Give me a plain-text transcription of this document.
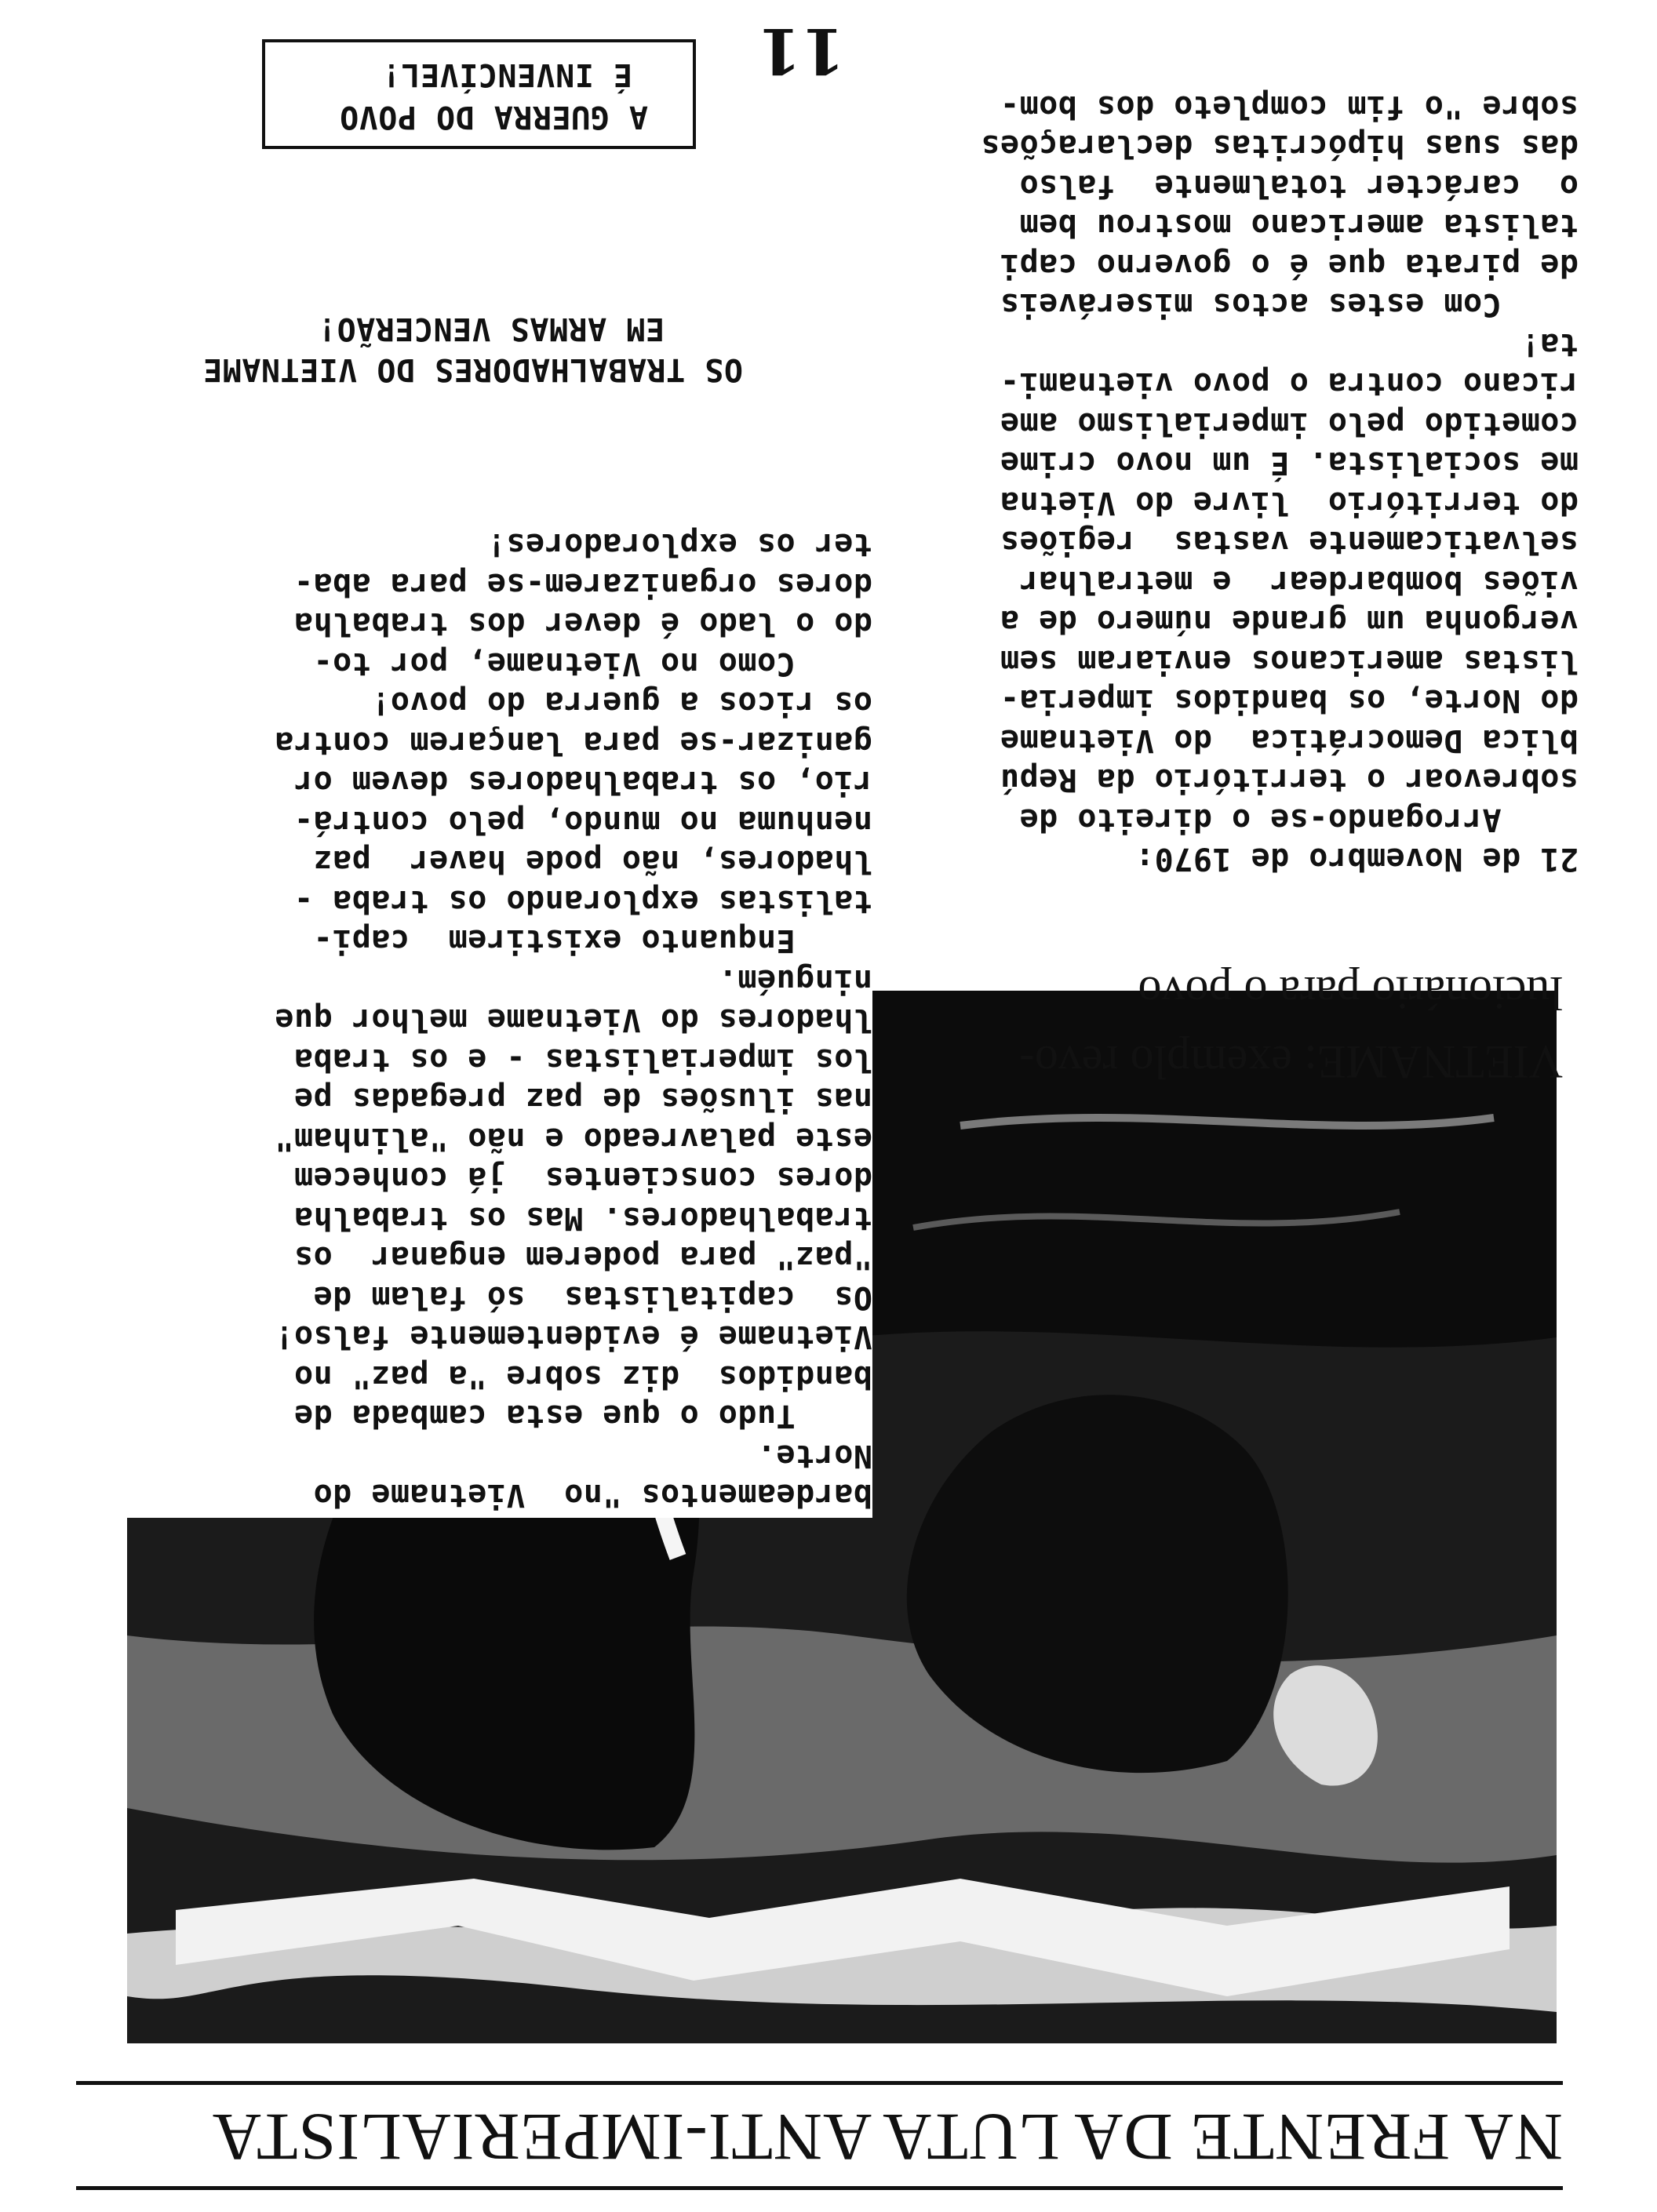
NA FRENTE DA LUTA ANTI-IMPERIALISTA
bardeamentos "no  Vietname do
Norte.
Tudo o que esta cambada de
bandidos  diz sobre "a paz" no
Vietname é evidentemente falso!
Os  capitalistas  só falam de
"paz" para poderem enganar  os
trabalhadores. Mas os trabalha
dores conscientes  já conhecem
este palavreado e não "alinham"
nas ilusões de paz pregadas pe
los imperialistas - e os traba
lhadores do Vietname melhor que
ninguém.
Enquanto existirem  capi-
talistas explorando os traba -
lhadores, não pode haver  paz
nenhuma no mundo, pelo contrá-
rio, os trabalhadores devem or
ganizar-se para lançarem contra
os ricos a guerra do povo!
Como no Vietname, por to-
do o lado é dever dos trabalha
dores organizarem-se para aba-
ter os exploradores!
VIETNAME: exemplo revo-
lucionário para o povo
21 de Novembro de 1970:
Arrogando-se o direito de
sobrevoar o território da Repú
blica Democrática  do Vietname
do Norte, os bandidos imperia-
listas americanos enviaram sem
vergonha um grande número de a
viões bombardear  e metralhar
selvaticamente vastas  regiões
do território  livre do Vietna
me socialista. É um novo crime
cometido pelo imperialismo ame
ricano contra o povo vietnami-
ta!
Com estes actos miseráveis
de pirata que é o governo capi
talista americano mostrou bem
o  carácter totalmente  falso
das suas hipócritas declarações
sobre "o fim completo dos bom-
OS TRABALHADORES DO VIETNAME
EM ARMAS VENCERÃO!
A GUERRA DO POVO
É INVENCÍVEL! 11
